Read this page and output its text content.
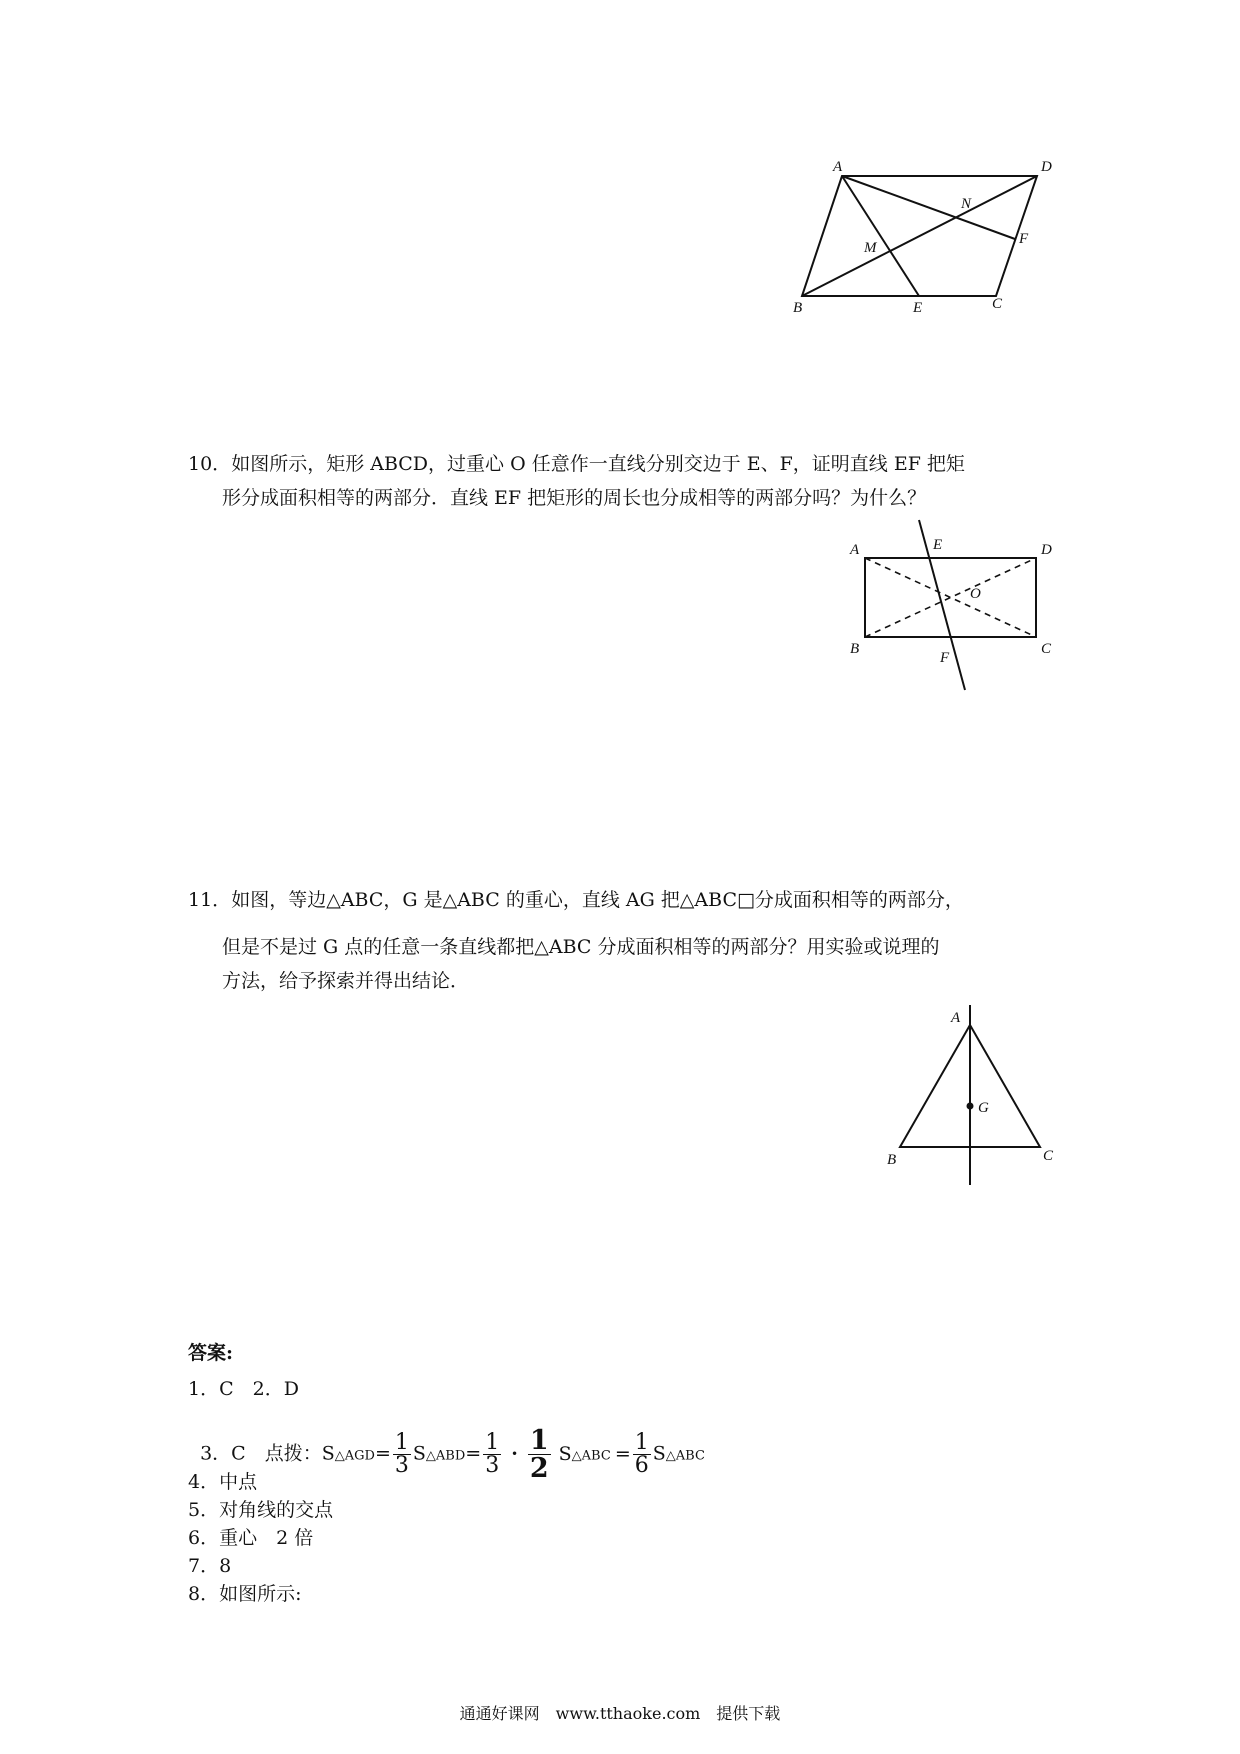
A	D
N
F
M
B	E	C
10．如图所示，矩形 ABCD，过重心 O 任意作一直线分别交边于 E、F，证明直线 EF 把矩
形分成面积相等的两部分．直线 EF 把矩形的周长也分成相等的两部分吗？为什么？
A	E	D
O
B
F
C
11．如图，等边△ABC，G 是△ABC 的重心，直线 AG 把△ABC□分成面积相等的两部分，
但是不是过 G 点的任意一条直线都把△ABC 分成面积相等的两部分？用实验或说理的
方法，给予探索并得出结论．
A
G
B	C
答案:
1．C　2．D

3．C　点拨：S△AGD= $\frac{1}{3}$ S△ABD= $\frac{1}{3} \cdot \frac{1}{2}$ S△ABC = $\frac{1}{6}$ S△ABC

4．中点
5．对角线的交点
6．重心　2 倍
7．8
8．如图所示:
通通好课网　www.tthaoke.com　提供下载
